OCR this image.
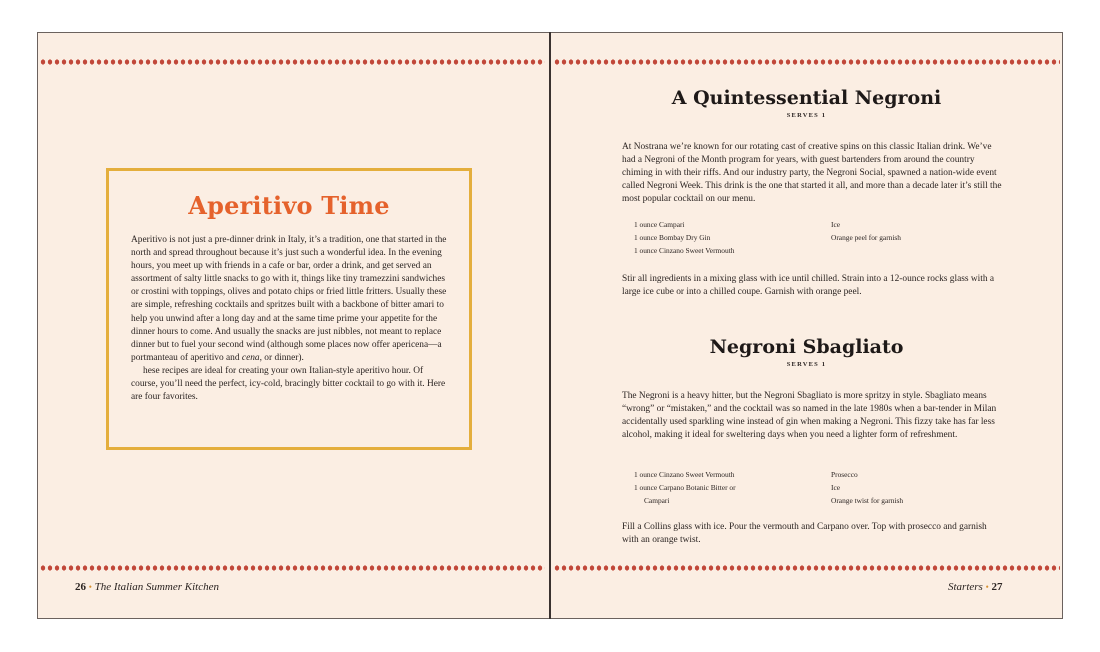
Aperitivo Time

Aperitivo is not just a pre-dinner drink in Italy, it’s a tradition, one that started in the north and spread throughout because it’s just such a wonderful idea. In the evening hours, you meet up with friends in a cafe or bar, order a drink, and get served an assortment of salty little snacks to go with it, things like tiny tramezzini sandwiches or crostini with toppings, olives and potato chips or fried little fritters. Usually these are simple, refreshing cocktails and spritzes built with a backbone of bitter amari to help you unwind after a long day and at the same time prime your appetite for the dinner hours to come. And usually the snacks are just nibbles, not meant to replace dinner but to fuel your second wind (although some places now offer apericena—a portmanteau of aperitivo and cena, or dinner).

hese recipes are ideal for creating your own Italian-style aperitivo hour. Of course, you’ll need the perfect, icy-cold, bracingly bitter cocktail to go with it. Here are four favorites.

26 • The Italian Summer Kitchen
A Quintessential Negroni
SERVES 1

At Nostrana we’re known for our rotating cast of creative spins on this classic Italian drink. We’ve had a Negroni of the Month program for years, with guest bartenders from around the country chiming in with their riffs. And our industry party, the Negroni Social, spawned a nation-wide event called Negroni Week. This drink is the one that started it all, and more than a decade later it’s still the most popular cocktail on our menu.

1 ounce Campari
1 ounce Bombay Dry Gin
1 ounce Cinzano Sweet Vermouth
Ice
Orange peel for garnish

Stir all ingredients in a mixing glass with ice until chilled. Strain into a 12-ounce rocks glass with a large ice cube or into a chilled coupe. Garnish with orange peel.

Negroni Sbagliato
SERVES 1

The Negroni is a heavy hitter, but the Negroni Sbagliato is more spritzy in style. Sbagliato means “wrong” or “mistaken,” and the cocktail was so named in the late 1980s when a bar-tender in Milan accidentally used sparkling wine instead of gin when making a Negroni. This fizzy take has far less alcohol, making it ideal for sweltering days when you need a lighter form of refreshment.

1 ounce Cinzano Sweet Vermouth
1 ounce Carpano Botanic Bitter or
Campari
Prosecco
Ice
Orange twist for garnish

Fill a Collins glass with ice. Pour the vermouth and Carpano over. Top with prosecco and garnish with an orange twist.

Starters • 27
